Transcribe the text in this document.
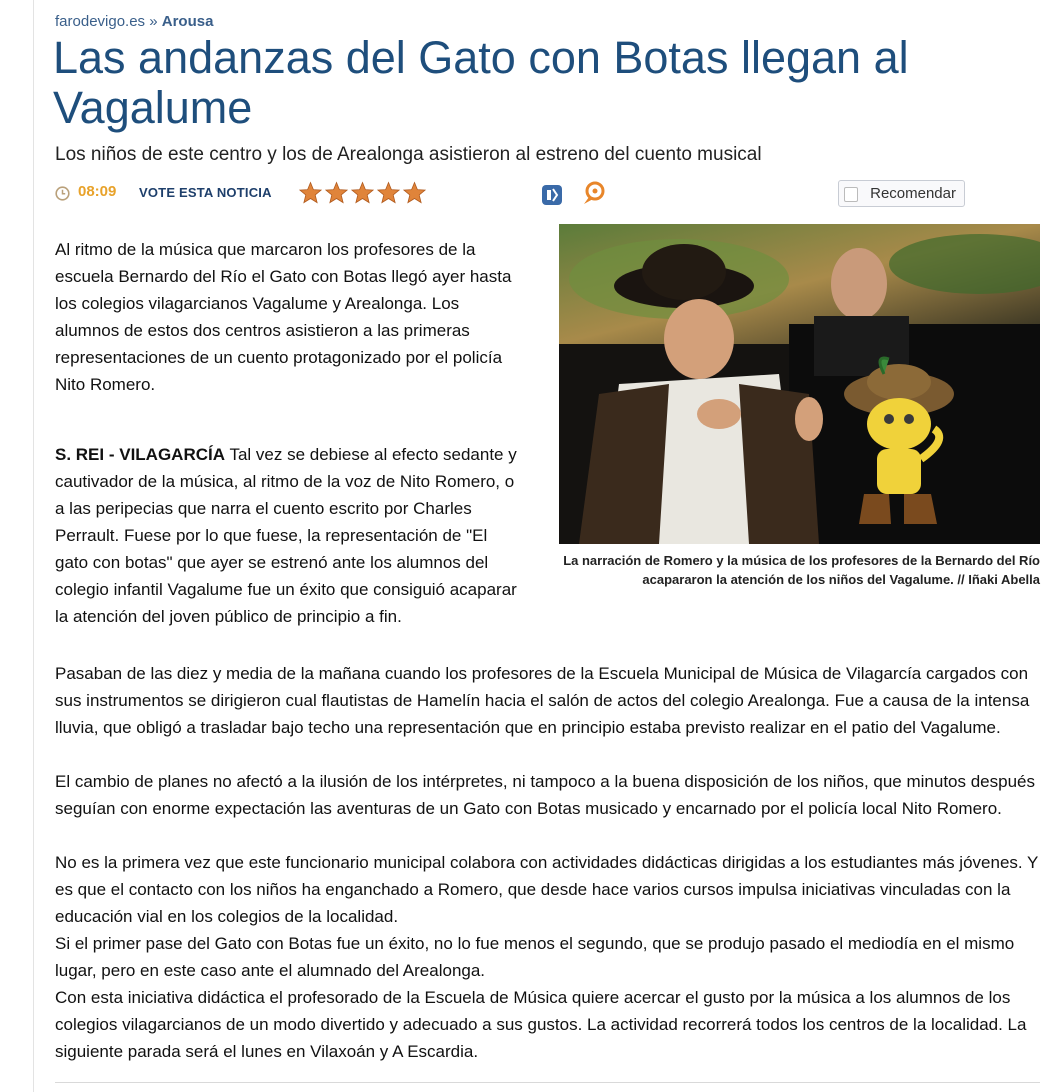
farodevigo.es » Arousa
Las andanzas del Gato con Botas llegan al Vagalume
Los niños de este centro y los de Arealonga asistieron al estreno del cuento musical
08:09 VOTE ESTA NOTICIA	Recomendar

Al ritmo de la música que marcaron los profesores de la escuela Bernardo del Río el Gato con Botas llegó ayer hasta los colegios vilagarcianos Vagalume y Arealonga. Los alumnos de estos dos centros asistieron a las primeras representaciones de un cuento protagonizado por el policía Nito Romero.

S. REI - VILAGARCÍA Tal vez se debiese al efecto sedante y cautivador de la música, al ritmo de la voz de Nito Romero, o a las peripecias que narra el cuento escrito por Charles Perrault. Fuese por lo que fuese, la representación de "El gato con botas" que ayer se estrenó ante los alumnos del colegio infantil Vagalume fue un éxito que consiguió acaparar la atención del joven público de principio a fin.

La narración de Romero y la música de los profesores de la Bernardo del Río acapararon la atención de los niños del Vagalume. // Iñaki Abella

Pasaban de las diez y media de la mañana cuando los profesores de la Escuela Municipal de Música de Vilagarcía cargados con sus instrumentos se dirigieron cual flautistas de Hamelín hacia el salón de actos del colegio Arealonga. Fue a causa de la intensa lluvia, que obligó a trasladar bajo techo una representación que en principio estaba previsto realizar en el patio del Vagalume.

El cambio de planes no afectó a la ilusión de los intérpretes, ni tampoco a la buena disposición de los niños, que minutos después seguían con enorme expectación las aventuras de un Gato con Botas musicado y encarnado por el policía local Nito Romero.

No es la primera vez que este funcionario municipal colabora con actividades didácticas dirigidas a los estudiantes más jóvenes. Y es que el contacto con los niños ha enganchado a Romero, que desde hace varios cursos impulsa iniciativas vinculadas con la educación vial en los colegios de la localidad.

Si el primer pase del Gato con Botas fue un éxito, no lo fue menos el segundo, que se produjo pasado el mediodía en el mismo lugar, pero en este caso ante el alumnado del Arealonga.

Con esta iniciativa didáctica el profesorado de la Escuela de Música quiere acercar el gusto por la música a los alumnos de los colegios vilagarcianos de un modo divertido y adecuado a sus gustos. La actividad recorrerá todos los centros de la localidad. La siguiente parada será el lunes en Vilaxoán y A Escardia.
